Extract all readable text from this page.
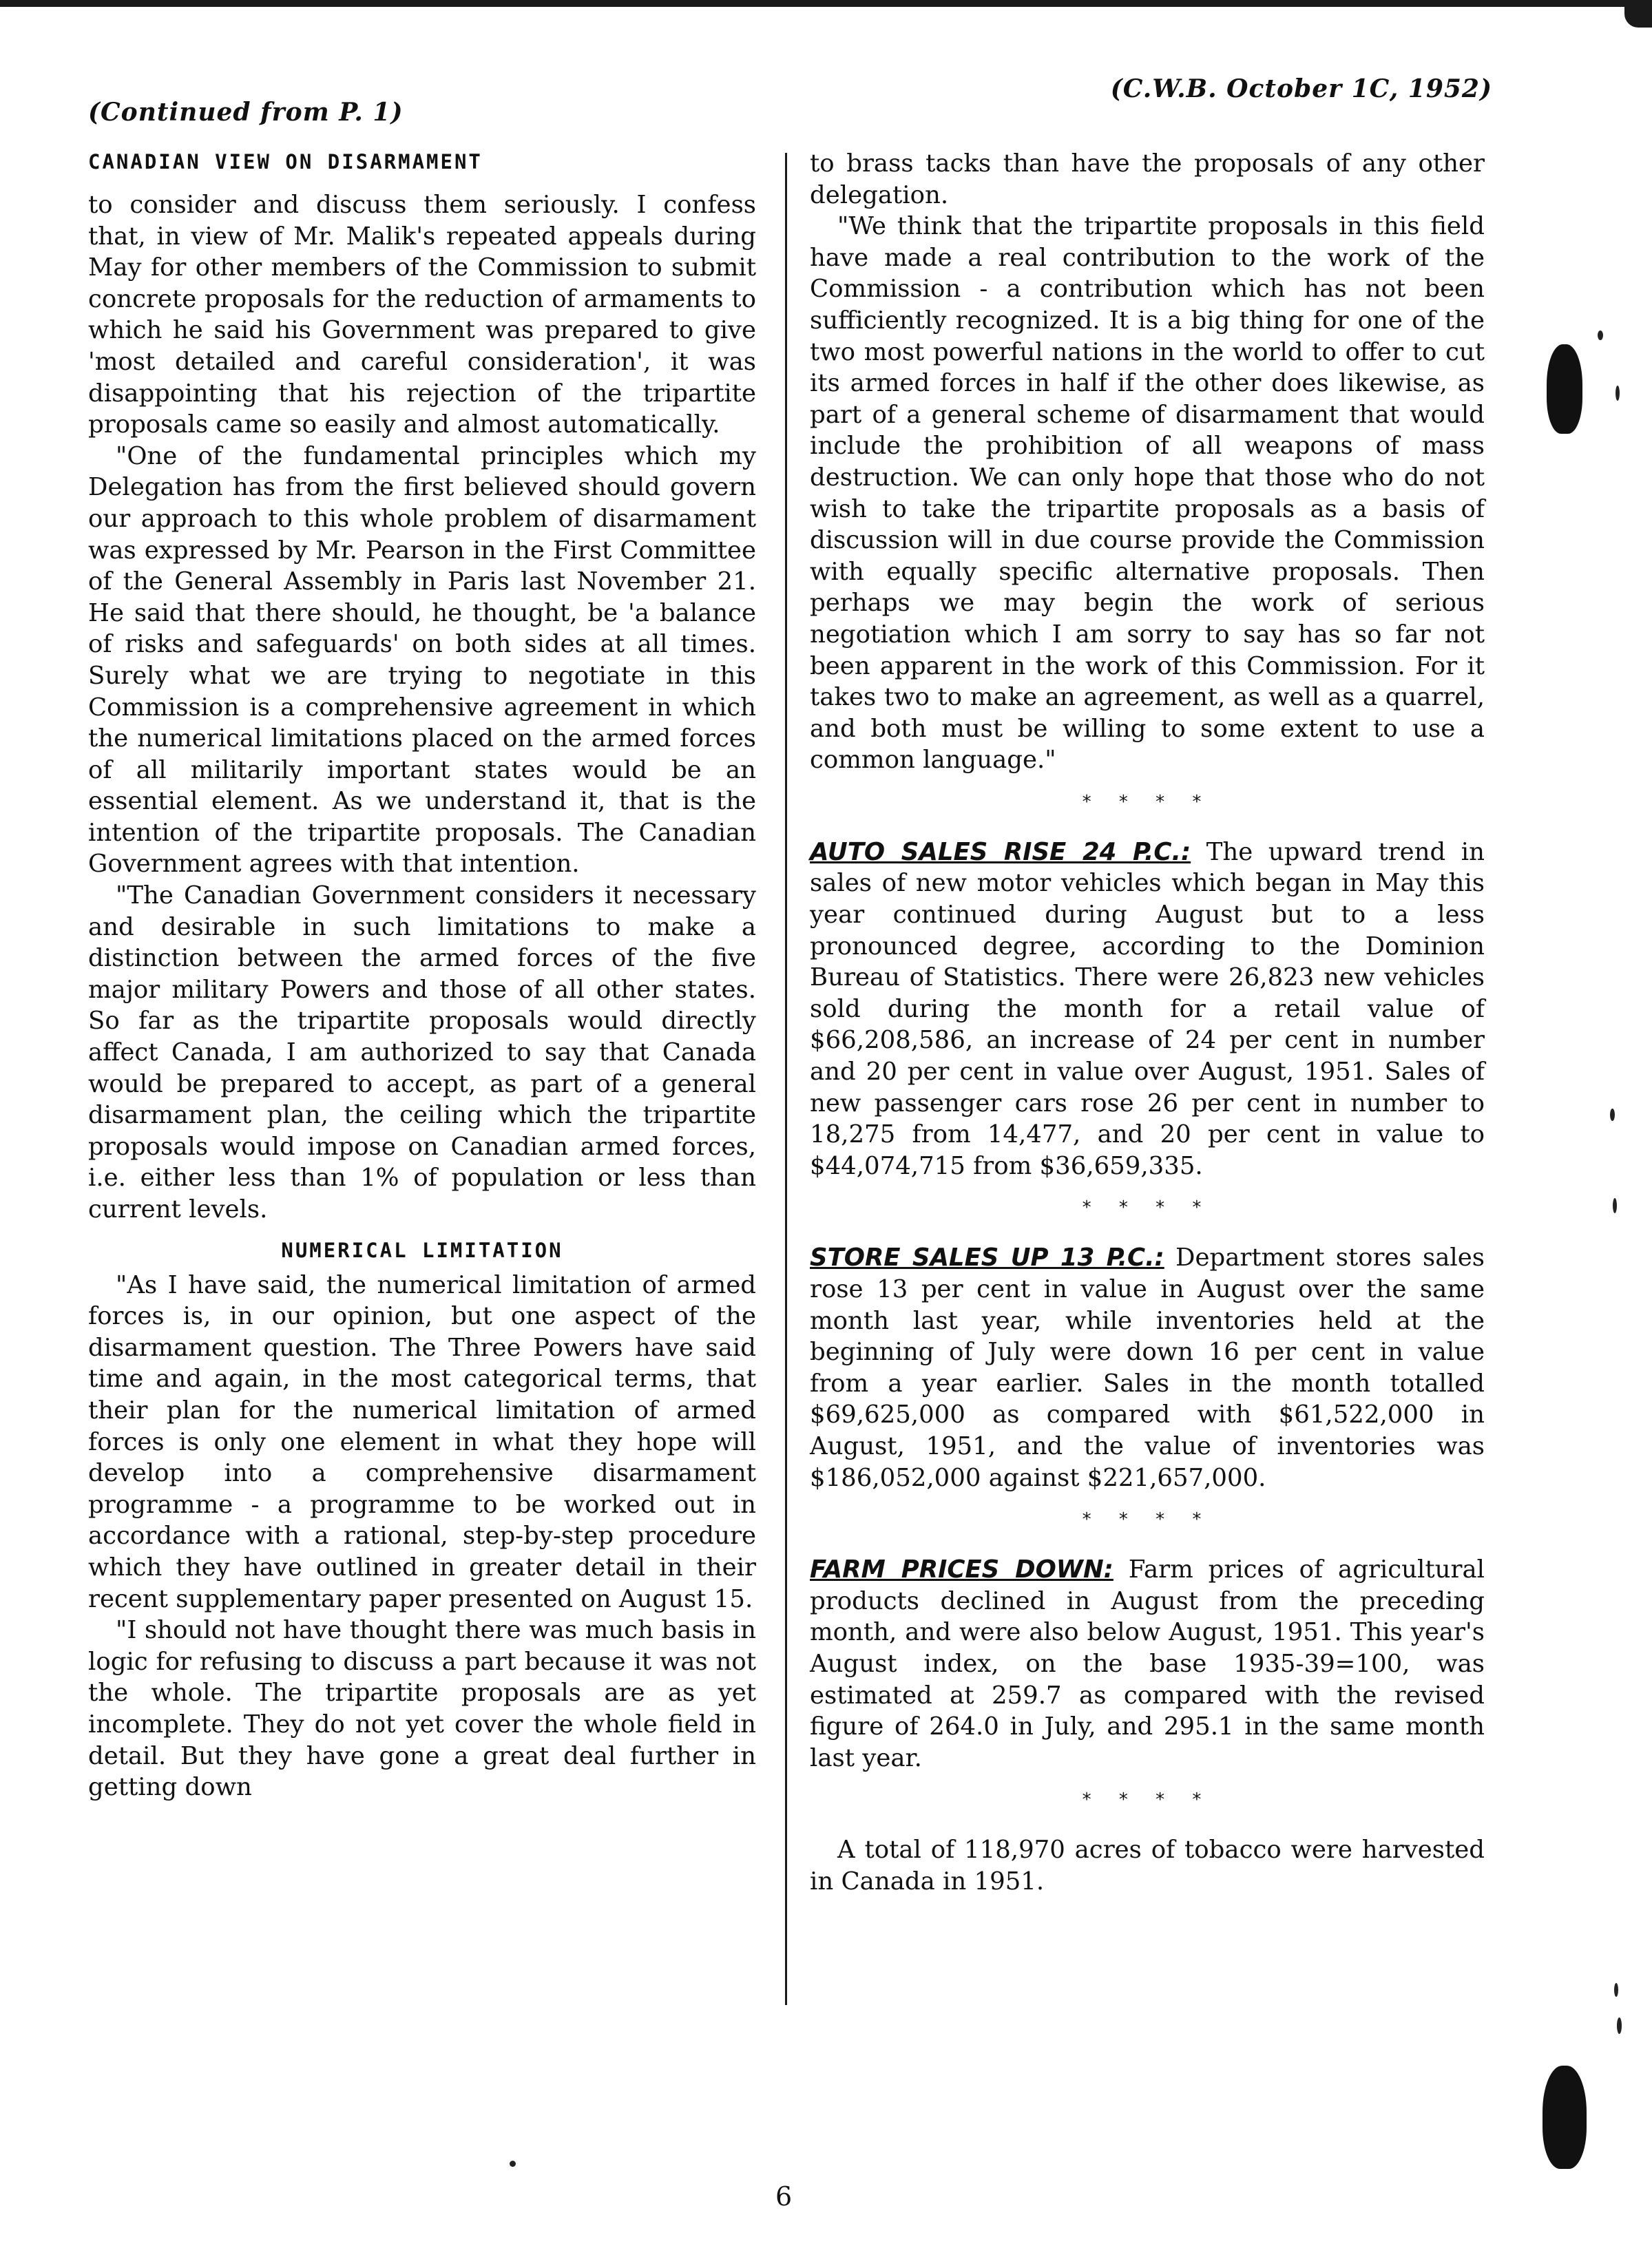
(C.W.B. October 1C, 1952)
(Continued from P. 1)
CANADIAN VIEW ON DISARMAMENT

to consider and discuss them seriously. I confess that, in view of Mr. Malik's repeated appeals during May for other members of the Commission to submit concrete proposals for the reduction of armaments to which he said his Government was prepared to give 'most detailed and careful consideration', it was disappointing that his rejection of the tripartite proposals came so easily and almost automatically.

"One of the fundamental principles which my Delegation has from the first believed should govern our approach to this whole problem of disarmament was expressed by Mr. Pearson in the First Committee of the General Assembly in Paris last November 21. He said that there should, he thought, be 'a balance of risks and safeguards' on both sides at all times. Surely what we are trying to negotiate in this Commission is a comprehensive agreement in which the numerical limitations placed on the armed forces of all militarily important states would be an essential element. As we understand it, that is the intention of the tripartite proposals. The Canadian Government agrees with that intention.

"The Canadian Government considers it necessary and desirable in such limitations to make a distinction between the armed forces of the five major military Powers and those of all other states. So far as the tripartite proposals would directly affect Canada, I am authorized to say that Canada would be prepared to accept, as part of a general disarmament plan, the ceiling which the tripartite proposals would impose on Canadian armed forces, i.e. either less than 1% of population or less than current levels.

NUMERICAL LIMITATION

"As I have said, the numerical limitation of armed forces is, in our opinion, but one aspect of the disarmament question. The Three Powers have said time and again, in the most categorical terms, that their plan for the numerical limitation of armed forces is only one element in what they hope will develop into a comprehensive disarmament programme - a programme to be worked out in accordance with a rational, step-by-step procedure which they have outlined in greater detail in their recent supplementary paper presented on August 15.

"I should not have thought there was much basis in logic for refusing to discuss a part because it was not the whole. The tripartite proposals are as yet incomplete. They do not yet cover the whole field in detail. But they have gone a great deal further in getting down

to brass tacks than have the proposals of any other delegation.

"We think that the tripartite proposals in this field have made a real contribution to the work of the Commission - a contribution which has not been sufficiently recognized. It is a big thing for one of the two most powerful nations in the world to offer to cut its armed forces in half if the other does likewise, as part of a general scheme of disarmament that would include the prohibition of all weapons of mass destruction. We can only hope that those who do not wish to take the tripartite proposals as a basis of discussion will in due course provide the Commission with equally specific alternative proposals. Then perhaps we may begin the work of serious negotiation which I am sorry to say has so far not been apparent in the work of this Commission. For it takes two to make an agreement, as well as a quarrel, and both must be willing to some extent to use a common language."

* * * *

AUTO SALES RISE 24 P.C.: The upward trend in sales of new motor vehicles which began in May this year continued during August but to a less pronounced degree, according to the Dominion Bureau of Statistics. There were 26,823 new vehicles sold during the month for a retail value of $66,208,586, an increase of 24 per cent in number and 20 per cent in value over August, 1951. Sales of new passenger cars rose 26 per cent in number to 18,275 from 14,477, and 20 per cent in value to $44,074,715 from $36,659,335.

* * * *

STORE SALES UP 13 P.C.: Department stores sales rose 13 per cent in value in August over the same month last year, while inventories held at the beginning of July were down 16 per cent in value from a year earlier. Sales in the month totalled $69,625,000 as compared with $61,522,000 in August, 1951, and the value of inventories was $186,052,000 against $221,657,000.

* * * *

FARM PRICES DOWN: Farm prices of agricultural products declined in August from the preceding month, and were also below August, 1951. This year's August index, on the base 1935-39=100, was estimated at 259.7 as compared with the revised figure of 264.0 in July, and 295.1 in the same month last year.

* * * *

A total of 118,970 acres of tobacco were harvested in Canada in 1951.

6
